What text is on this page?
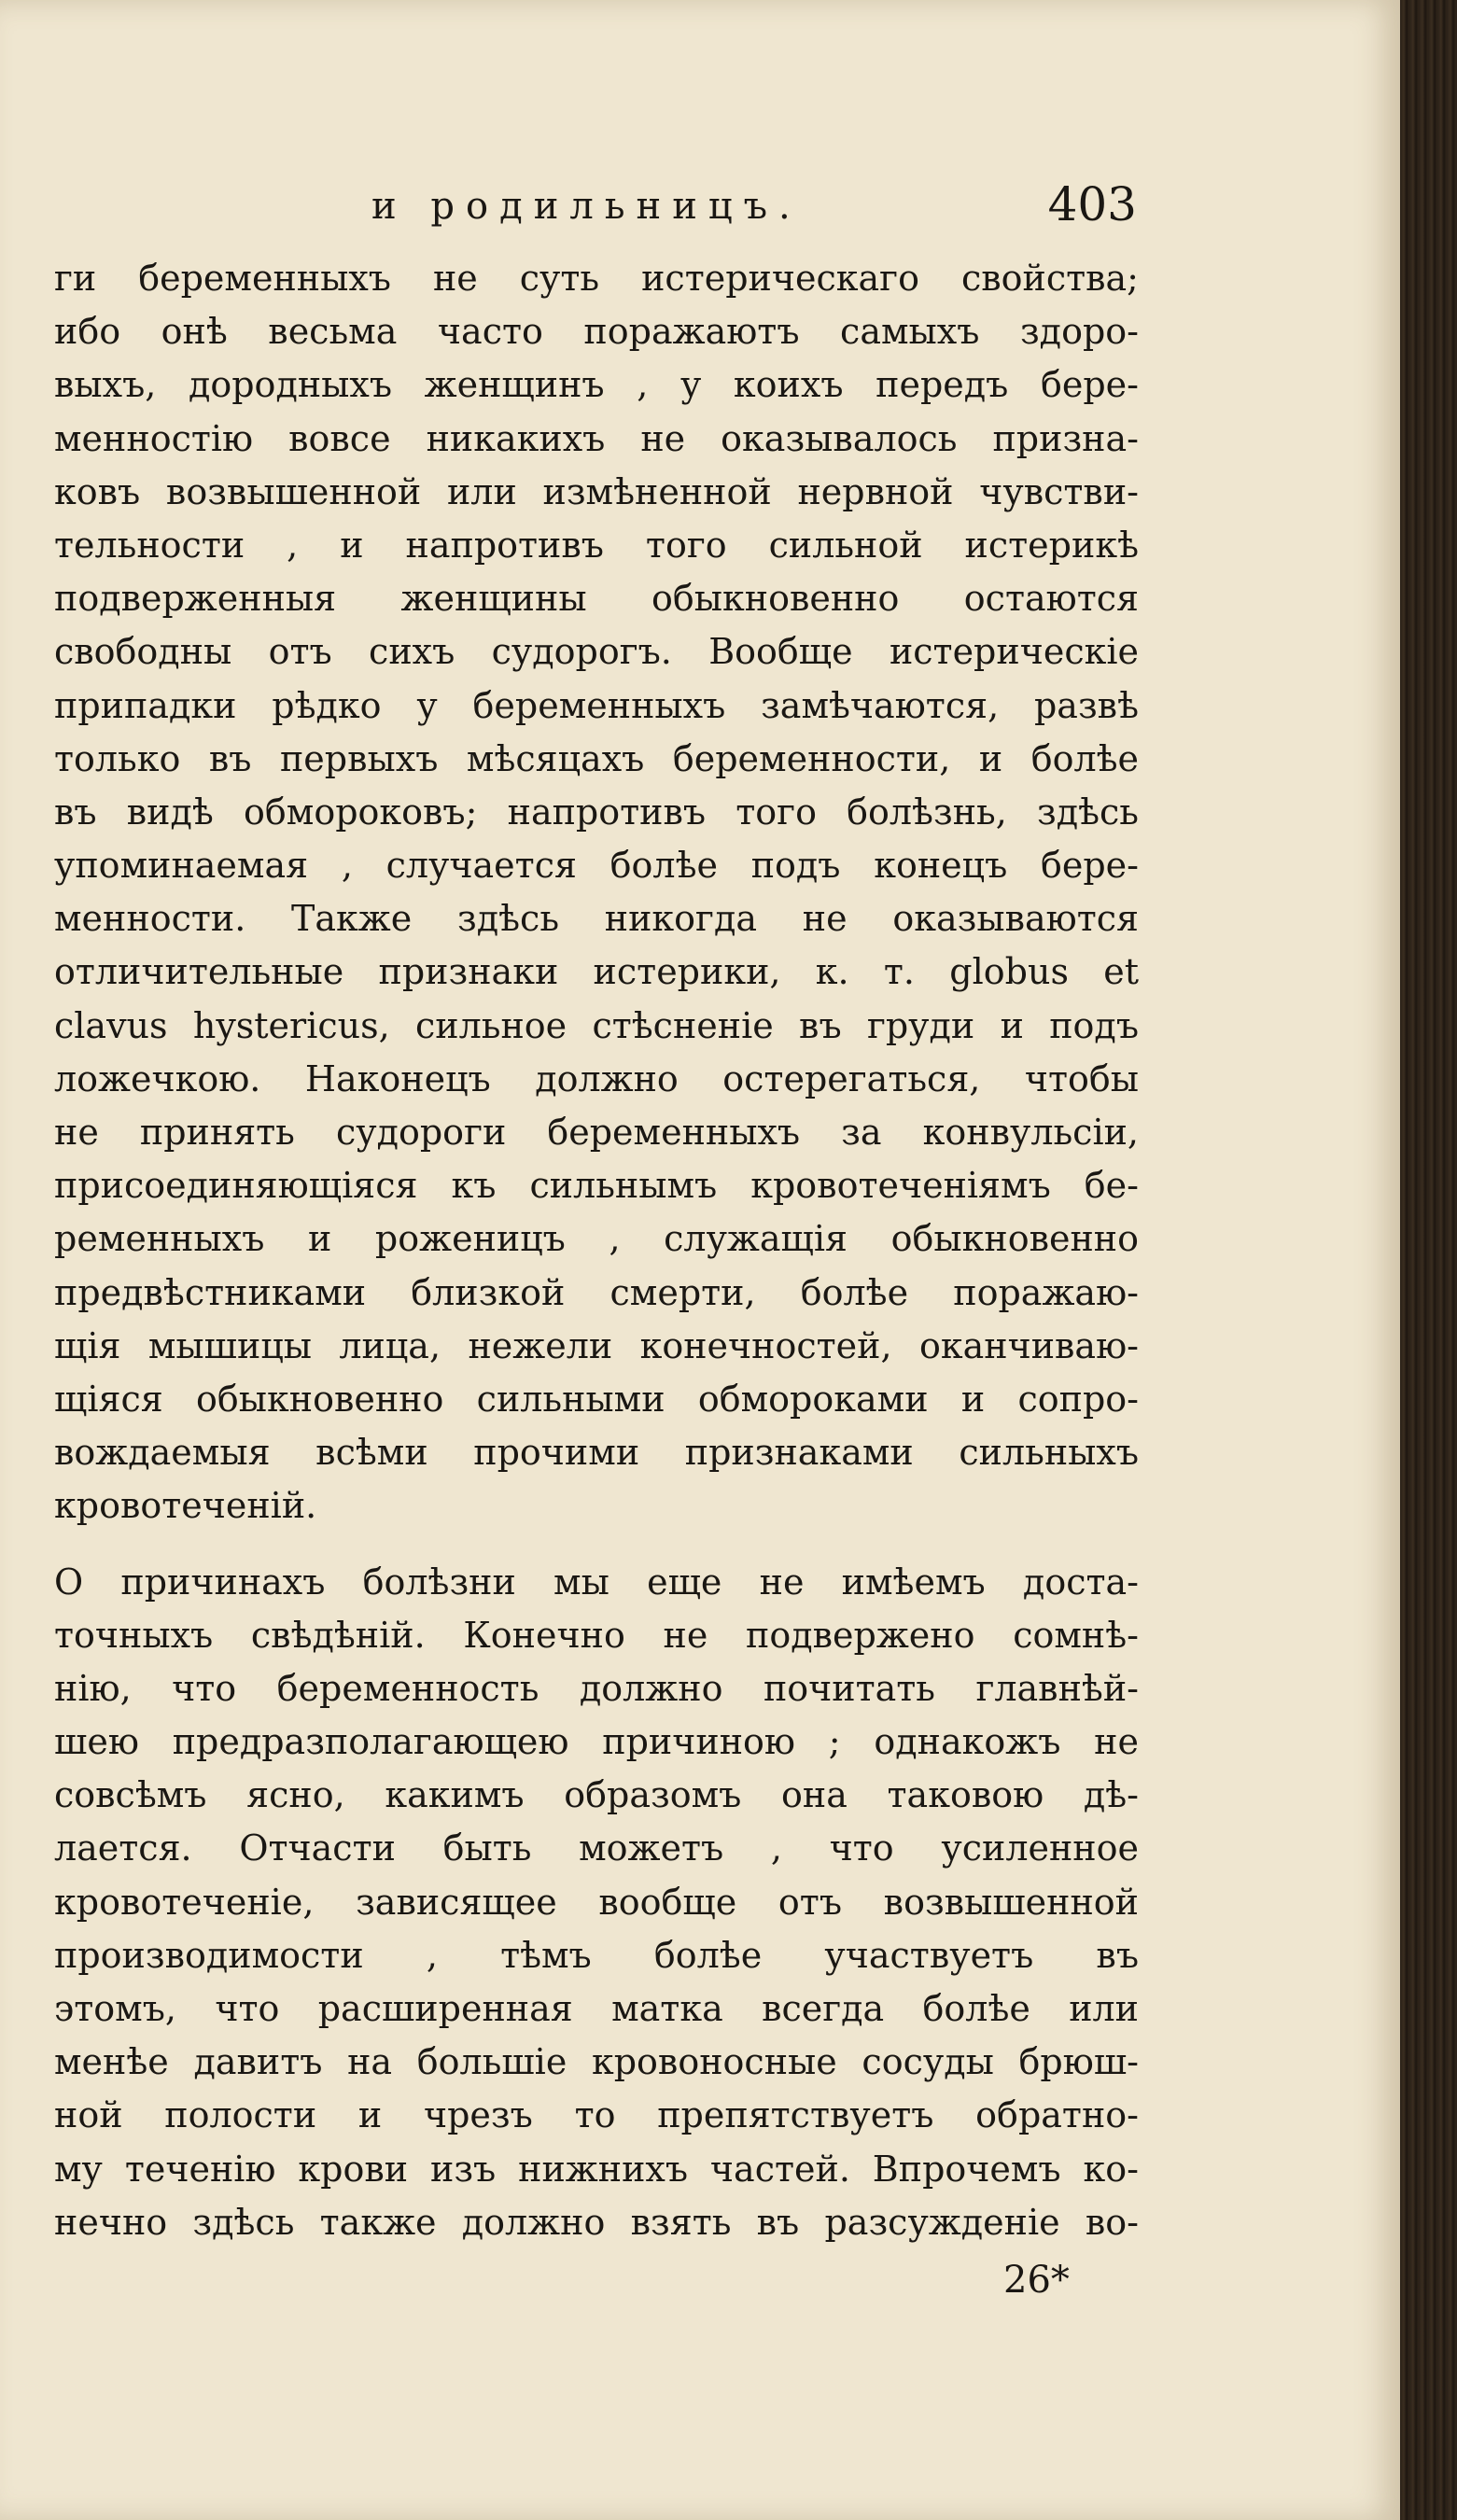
и родильницъ.	403
ги беременныхъ не суть истерическаго свойства;
ибо онѣ весьма часто поражаютъ самыхъ здоро-
выхъ, дородныхъ женщинъ , у коихъ передъ бере-
менностію вовсе никакихъ не оказывалось призна-
ковъ возвышенной или измѣненной нервной чувстви-
тельности , и напротивъ того сильной истерикѣ
подверженныя женщины обыкновенно остаются
свободны отъ сихъ судорогъ. Вообще истерическіе
припадки рѣдко у беременныхъ замѣчаются, развѣ
только въ первыхъ мѣсяцахъ беременности, и болѣе
въ видѣ обмороковъ; напротивъ того болѣзнь, здѣсь
упоминаемая , случается болѣе подъ конецъ бере-
менности. Также здѣсь никогда не оказываются
отличительные признаки истерики, к. т. globus et
clavus hystericus, сильное стѣсненіе въ груди и подъ
ложечкою. Наконецъ должно остерегаться, чтобы
не принять судороги беременныхъ за конвульсіи,
присоединяющіяся къ сильнымъ кровотеченіямъ бе-
ременныхъ и роженицъ , служащія обыкновенно
предвѣстниками близкой смерти, болѣе поражаю-
щія мышицы лица, нежели конечностей, оканчиваю-
щіяся обыкновенно сильными обмороками и сопро-
вождаемыя всѣми прочими признаками сильныхъ
кровотеченій.
О причинахъ болѣзни мы еще не имѣемъ доста-
точныхъ свѣдѣній. Конечно не подвержено сомнѣ-
нію, что беременность должно почитать главнѣй-
шею предразполагающею причиною ; однакожъ не
совсѣмъ ясно, какимъ образомъ она таковою дѣ-
лается. Отчасти быть можетъ , что усиленное
кровотеченіе, зависящее вообще отъ возвышенной
производимости , тѣмъ болѣе участвуетъ въ
этомъ, что расширенная матка всегда болѣе или
менѣе давитъ на большіе кровоносные сосуды брюш-
ной полости и чрезъ то препятствуетъ обратно-
му теченію крови изъ нижнихъ частей. Впрочемъ ко-
нечно здѣсь также должно взять въ разсужденіе во-
26*
